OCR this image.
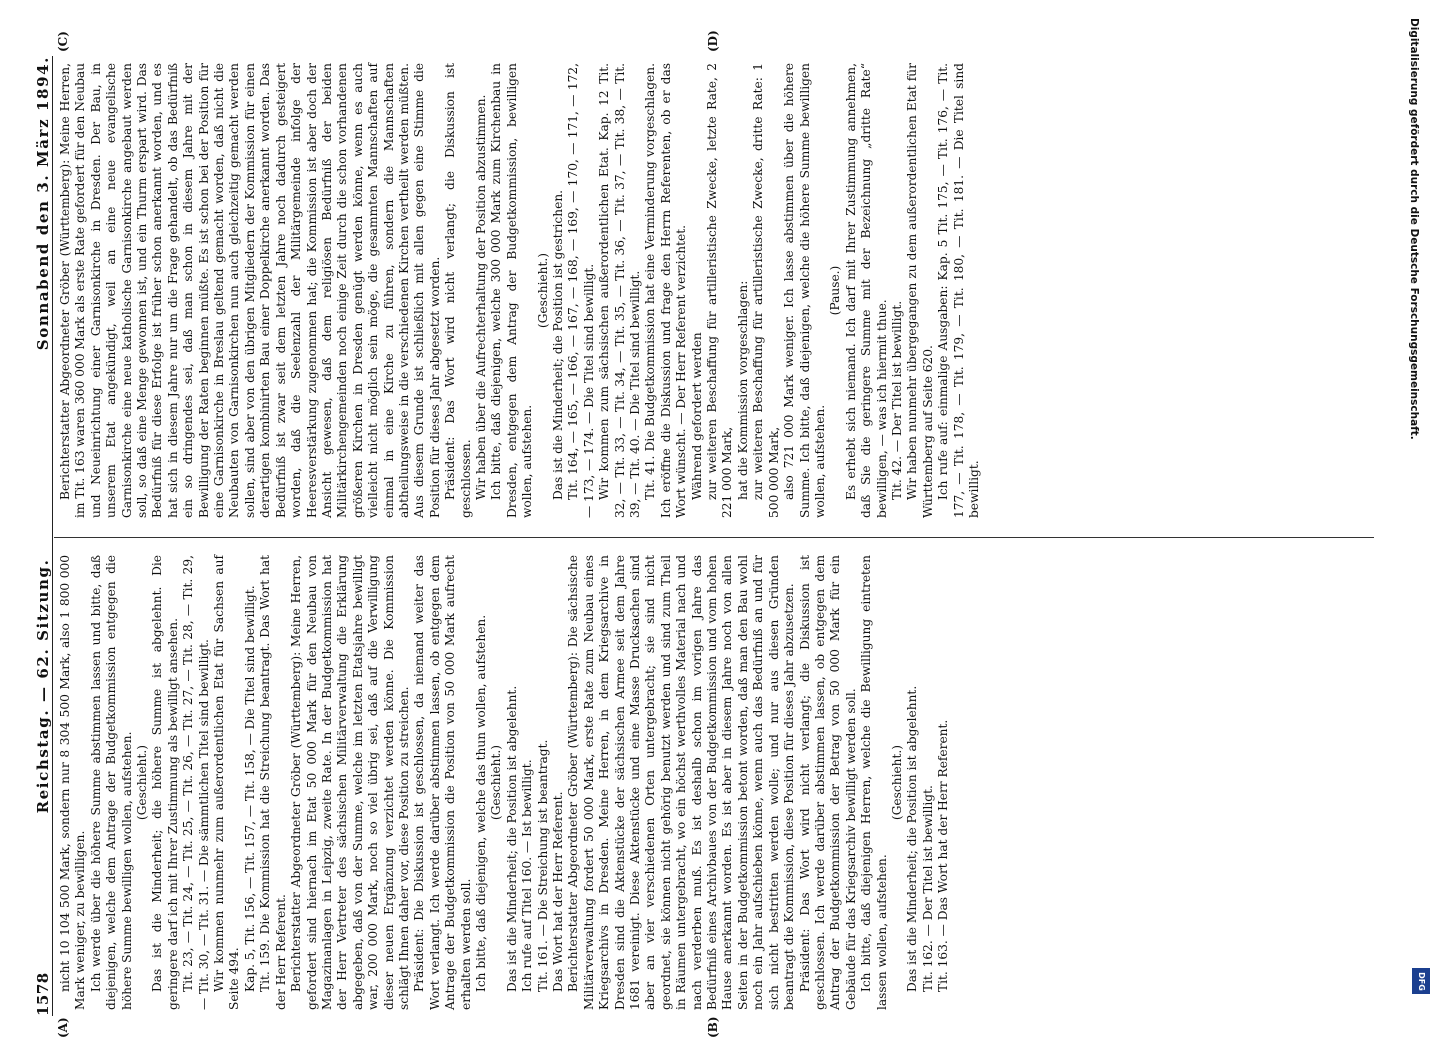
1578
Reichstag. — 62. Sitzung.
Sonnabend den 3. März 1894.
(A)	(B)
(C)	(D)

nicht 10 104 500 Mark, sondern nur 8 304 500 Mark, also 1 800 000 Mark weniger, zu bewilligen. Ich werde über die höhere Summe abstimmen lassen und bitte, daß diejenigen, welche dem Antrage der Budgetkommission entgegen die höhere Summe bewilligen wollen, aufstehen. (Geschieht.) Das ist die Minderheit; die höhere Summe ist abgelehnt. Die geringere darf ich mit Ihrer Zustimmung als bewilligt ansehen. Tit. 23, — Tit. 24, — Tit. 25, — Tit. 26, — Tit. 27, — Tit. 28, — Tit. 29, — Tit. 30, — Tit. 31. — Die sämmtlichen Titel sind bewilligt. Wir kommen nunmehr zum außerordentlichen Etat für Sachsen auf Seite 494. Kap. 5, Tit. 156, — Tit. 157, — Tit. 158, — Die Titel sind bewilligt. Tit. 159. Die Kommission hat die Streichung beantragt. Das Wort hat der Herr Referent. Berichterstatter Abgeordneter Gröber (Württemberg): Meine Herren, gefordert sind hiernach im Etat 50 000 Mark für den Neubau von Magazinanlagen in Leipzig, zweite Rate. In der Budgetkommission hat der Herr Vertreter des sächsischen Militärverwaltung die Erklärung abgegeben, daß von der Summe, welche im letzten Etatsjahre bewilligt war, 200 000 Mark, noch so viel übrig sei, daß auf die Verwilligung dieser neuen Ergänzung verzichtet werden könne. Die Kommission schlägt Ihnen daher vor, diese Position zu streichen. Präsident: Die Diskussion ist geschlossen, da niemand weiter das Wort verlangt. Ich werde darüber abstimmen lassen, ob entgegen dem Antrage der Budgetkommission die Position von 50 000 Mark aufrecht erhalten werden soll. Ich bitte, daß diejenigen, welche das thun wollen, aufstehen. (Geschieht.) Das ist die Minderheit; die Position ist abgelehnt. Ich rufe auf Titel 160. — Ist bewilligt. Tit. 161. — Die Streichung ist beantragt. Das Wort hat der Herr Referent. Berichterstatter Abgeordneter Gröber (Württemberg): Die sächsische Militärverwaltung fordert 50 000 Mark, erste Rate zum Neubau eines Kriegsarchivs in Dresden. Meine Herren, in dem Kriegsarchive in Dresden sind die Aktenstücke der sächsischen Armee seit dem Jahre 1681 vereinigt. Diese Aktenstücke und eine Masse Drucksachen sind aber an vier verschiedenen Orten untergebracht; sie sind nicht geordnet, sie können nicht gehörig benutzt werden und sind zum Theil in Räumen untergebracht, wo ein höchst werthvolles Material nach und nach verderben muß. Es ist deshalb schon im vorigen Jahre das Bedürfniß eines Archivbaues von der Budgetkommission und vom hohen Hause anerkannt worden. Es ist aber in diesem Jahre noch von allen Seiten in der Budgetkommission betont worden, daß man den Bau wohl noch ein Jahr aufschieben könne, wenn auch das Bedürfniß an und für sich nicht bestritten werden wolle; und nur aus diesen Gründen beantragt die Kommission, diese Position für dieses Jahr abzusetzen. Präsident: Das Wort wird nicht verlangt; die Diskussion ist geschlossen. Ich werde darüber abstimmen lassen, ob entgegen dem Antrag der Budgetkommission der Betrag von 50 000 Mark für ein Gebäude für das Kriegsarchiv bewilligt werden soll. Ich bitte, daß diejenigen Herren, welche die Bewilligung eintreten lassen wollen, aufstehen.

(Geschieht.) Das ist die Minderheit; die Position ist abgelehnt. Tit. 162. — Der Titel ist bewilligt. Tit. 163. — Das Wort hat der Herr Referent.

Berichterstatter Abgeordneter Gröber (Württemberg): Meine Herren, im Tit. 163 waren 360 000 Mark als erste Rate gefordert für den Neubau und Neueinrichtung einer Garnisonkirche in Dresden. Der Bau, in unserem Etat angekündigt, weil an eine neue evangelische Garnisonkirche eine neue katholische Garnisonkirche angebaut werden soll, so daß eine Menge gewonnen ist, und ein Thurm erspart wird. Das Bedürfniß für diese Erfolge ist früher schon anerkannt worden, und es hat sich in diesem Jahre nur um die Frage gehandelt, ob das Bedürfniß ein so dringendes sei, daß man schon in diesem Jahre mit der Bewilligung der Raten beginnen müßte. Es ist schon bei der Position für eine Garnisonkirche in Breslau geltend gemacht worden, daß nicht die Neubauten von Garnisonkirchen nun auch gleichzeitig gemacht werden sollen, sind aber von den übrigen Mitgliedern der Kommission für einen derartigen kombinirten Bau einer Doppelkirche anerkannt worden. Das Bedürfniß ist zwar seit dem letzten Jahre noch dadurch gesteigert worden, daß die Seelenzahl der Militärgemeinde infolge der Heeresverstärkung zugenommen hat; die Kommission ist aber doch der Ansicht gewesen, daß dem religiösen Bedürfniß der beiden Militärkirchengemeinden noch einige Zeit durch die schon vorhandenen größeren Kirchen in Dresden genügt werden könne, wenn es auch vielleicht nicht möglich sein möge, die gesammten Mannschaften auf einmal in eine Kirche zu führen, sondern die Mannschaften abtheilungsweise in die verschiedenen Kirchen vertheilt werden müßten. Aus diesem Grunde ist schließlich mit allen gegen eine Stimme die Position für dieses Jahr abgesetzt worden. Präsident: Das Wort wird nicht verlangt; die Diskussion ist geschlossen. Wir haben über die Aufrechterhaltung der Position abzustimmen. Ich bitte, daß diejenigen, welche 300 000 Mark zum Kirchenbau in Dresden, entgegen dem Antrag der Budgetkommission, bewilligen wollen, aufstehen.

(Geschieht.) Das ist die Minderheit; die Position ist gestrichen. Tit. 164, — 165, — 166, — 167, — 168, — 169, — 170, — 171, — 172, — 173, — 174. — Die Titel sind bewilligt. Wir kommen zum sächsischen außerordentlichen Etat. Kap. 12 Tit. 32, — Tit. 33, — Tit. 34, — Tit. 35, — Tit. 36, — Tit. 37, — Tit. 38, — Tit. 39, — Tit. 40. — Die Titel sind bewilligt. Tit. 41. Die Budgetkommission hat eine Verminderung vorgeschlagen. Ich eröffne die Diskussion und frage den Herrn Referenten, ob er das Wort wünscht. — Der Herr Referent verzichtet. Während gefordert werden zur weiteren Beschaffung für artilleristische Zwecke, letzte Rate, 2 221 000 Mark, hat die Kommission vorgeschlagen: zur weiteren Beschaffung für artilleristische Zwecke, dritte Rate: 1 500 000 Mark, also 721 000 Mark weniger. Ich lasse abstimmen über die höhere Summe. Ich bitte, daß diejenigen, welche die höhere Summe bewilligen wollen, aufstehen.

(Pause.) Es erhebt sich niemand. Ich darf mit Ihrer Zustimmung annehmen, daß Sie die geringere Summe mit der Bezeichnung „dritte Rate“ bewilligen, — was ich hiermit thue. Tit. 42. — Der Titel ist bewilligt. Wir haben nunmehr übergegangen zu dem außerordentlichen Etat für Württemberg auf Seite 620. Ich rufe auf: einmalige Ausgaben: Kap. 5 Tit. 175, — Tit. 176, — Tit. 177, — Tit. 178, — Tit. 179, — Tit. 180, — Tit. 181. — Die Titel sind bewilligt.

Digitalisierung gefördert durch die Deutsche Forschungsgemeinschaft.
DFG
